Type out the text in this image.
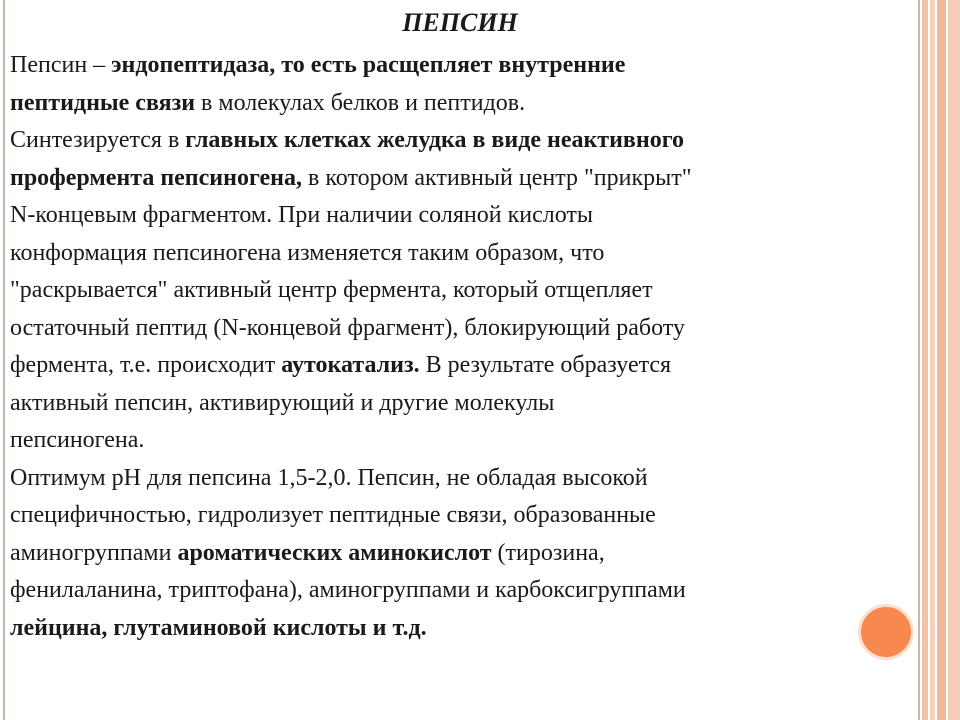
ПЕПСИН
Пепсин – эндопептидаза, то есть расщепляет внутренние
пептидные связи в молекулах белков и пептидов.
Синтезируется в главных клетках желудка в виде неактивного
профермента пепсиногена, в котором активный центр "прикрыт"
N-концевым фрагментом. При наличии соляной кислоты
конформация пепсиногена изменяется таким образом, что
"раскрывается" активный центр фермента, который отщепляет
остаточный пептид (N-концевой фрагмент), блокирующий работу
фермента, т.е. происходит аутокатализ. В результате образуется
активный пепсин, активирующий и другие молекулы
пепсиногена.
Оптимум pH для пепсина 1,5-2,0. Пепсин, не обладая высокой
специфичностью, гидролизует пептидные связи, образованные
аминогруппами ароматических аминокислот (тирозина,
фенилаланина, триптофана), аминогруппами и карбоксигруппами
лейцина, глутаминовой кислоты и т.д.
